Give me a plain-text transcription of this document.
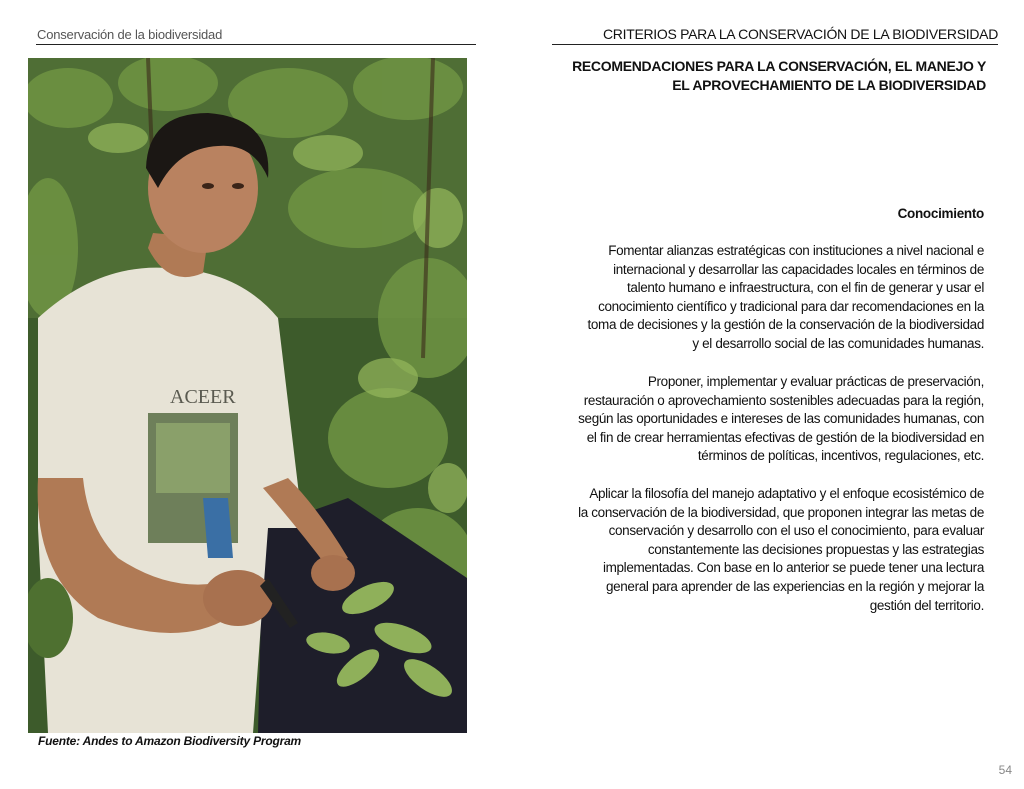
Conservación de la biodiversidad
ACEER
Fuente: Andes to Amazon Biodiversity Program
CRITERIOS PARA LA CONSERVACIÓN DE LA BIODIVERSIDAD
RECOMENDACIONES PARA LA CONSERVACIÓN, EL MANEJO Y
EL APROVECHAMIENTO DE LA BIODIVERSIDAD
Conocimiento
Fomentar alianzas estratégicas con instituciones a nivel nacional e
internacional y desarrollar las capacidades locales en términos de
talento humano e infraestructura, con el fin de generar y usar el
conocimiento científico y tradicional para dar recomendaciones en la
toma de decisiones y la gestión de la conservación de la biodiversidad
y el desarrollo social de las comunidades humanas.
Proponer, implementar y evaluar prácticas de preservación,
restauración o aprovechamiento sostenibles adecuadas para la región,
según las oportunidades e intereses de las comunidades humanas, con
el fin de crear herramientas efectivas de gestión de la biodiversidad en
términos de políticas, incentivos, regulaciones, etc.
Aplicar la filosofía del manejo adaptativo y el enfoque ecosistémico de
la conservación de la biodiversidad, que proponen integrar las metas de
conservación y desarrollo con el uso el conocimiento, para evaluar
constantemente las decisiones propuestas y las estrategias
implementadas. Con base en lo anterior se puede tener una lectura
general para aprender de las experiencias en la región y mejorar la
gestión del territorio.
54
